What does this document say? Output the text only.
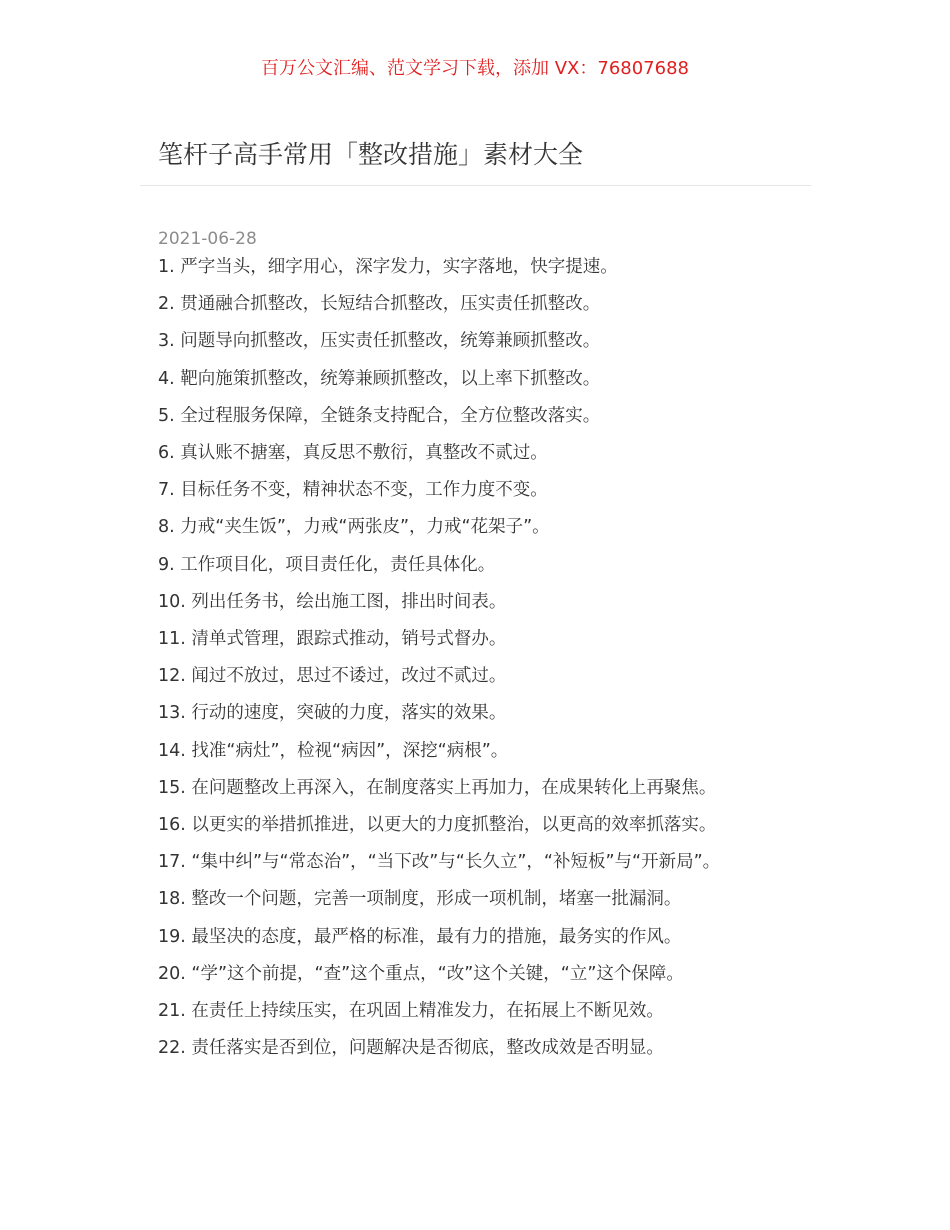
百万公文汇编、范文学习下载，添加 VX：76807688
笔杆子高手常用「整改措施」素材大全
2021-06-28
1. 严字当头，细字用心，深字发力，实字落地，快字提速。
2. 贯通融合抓整改，长短结合抓整改，压实责任抓整改。
3. 问题导向抓整改，压实责任抓整改，统筹兼顾抓整改。
4. 靶向施策抓整改，统筹兼顾抓整改，以上率下抓整改。
5. 全过程服务保障，全链条支持配合，全方位整改落实。
6. 真认账不搪塞，真反思不敷衍，真整改不贰过。
7. 目标任务不变，精神状态不变，工作力度不变。
8. 力戒“夹生饭”，力戒“两张皮”，力戒“花架子”。
9. 工作项目化，项目责任化，责任具体化。
10. 列出任务书，绘出施工图，排出时间表。
11. 清单式管理，跟踪式推动，销号式督办。
12. 闻过不放过，思过不诿过，改过不贰过。
13. 行动的速度，突破的力度，落实的效果。
14. 找准“病灶”，检视“病因”，深挖“病根”。
15. 在问题整改上再深入，在制度落实上再加力，在成果转化上再聚焦。
16. 以更实的举措抓推进，以更大的力度抓整治，以更高的效率抓落实。
17. “集中纠”与“常态治”，“当下改”与“长久立”，“补短板”与“开新局”。
18. 整改一个问题，完善一项制度，形成一项机制，堵塞一批漏洞。
19. 最坚决的态度，最严格的标准，最有力的措施，最务实的作风。
20. “学”这个前提，“查”这个重点，“改”这个关键，“立”这个保障。
21. 在责任上持续压实，在巩固上精准发力，在拓展上不断见效。
22. 责任落实是否到位，问题解决是否彻底，整改成效是否明显。
